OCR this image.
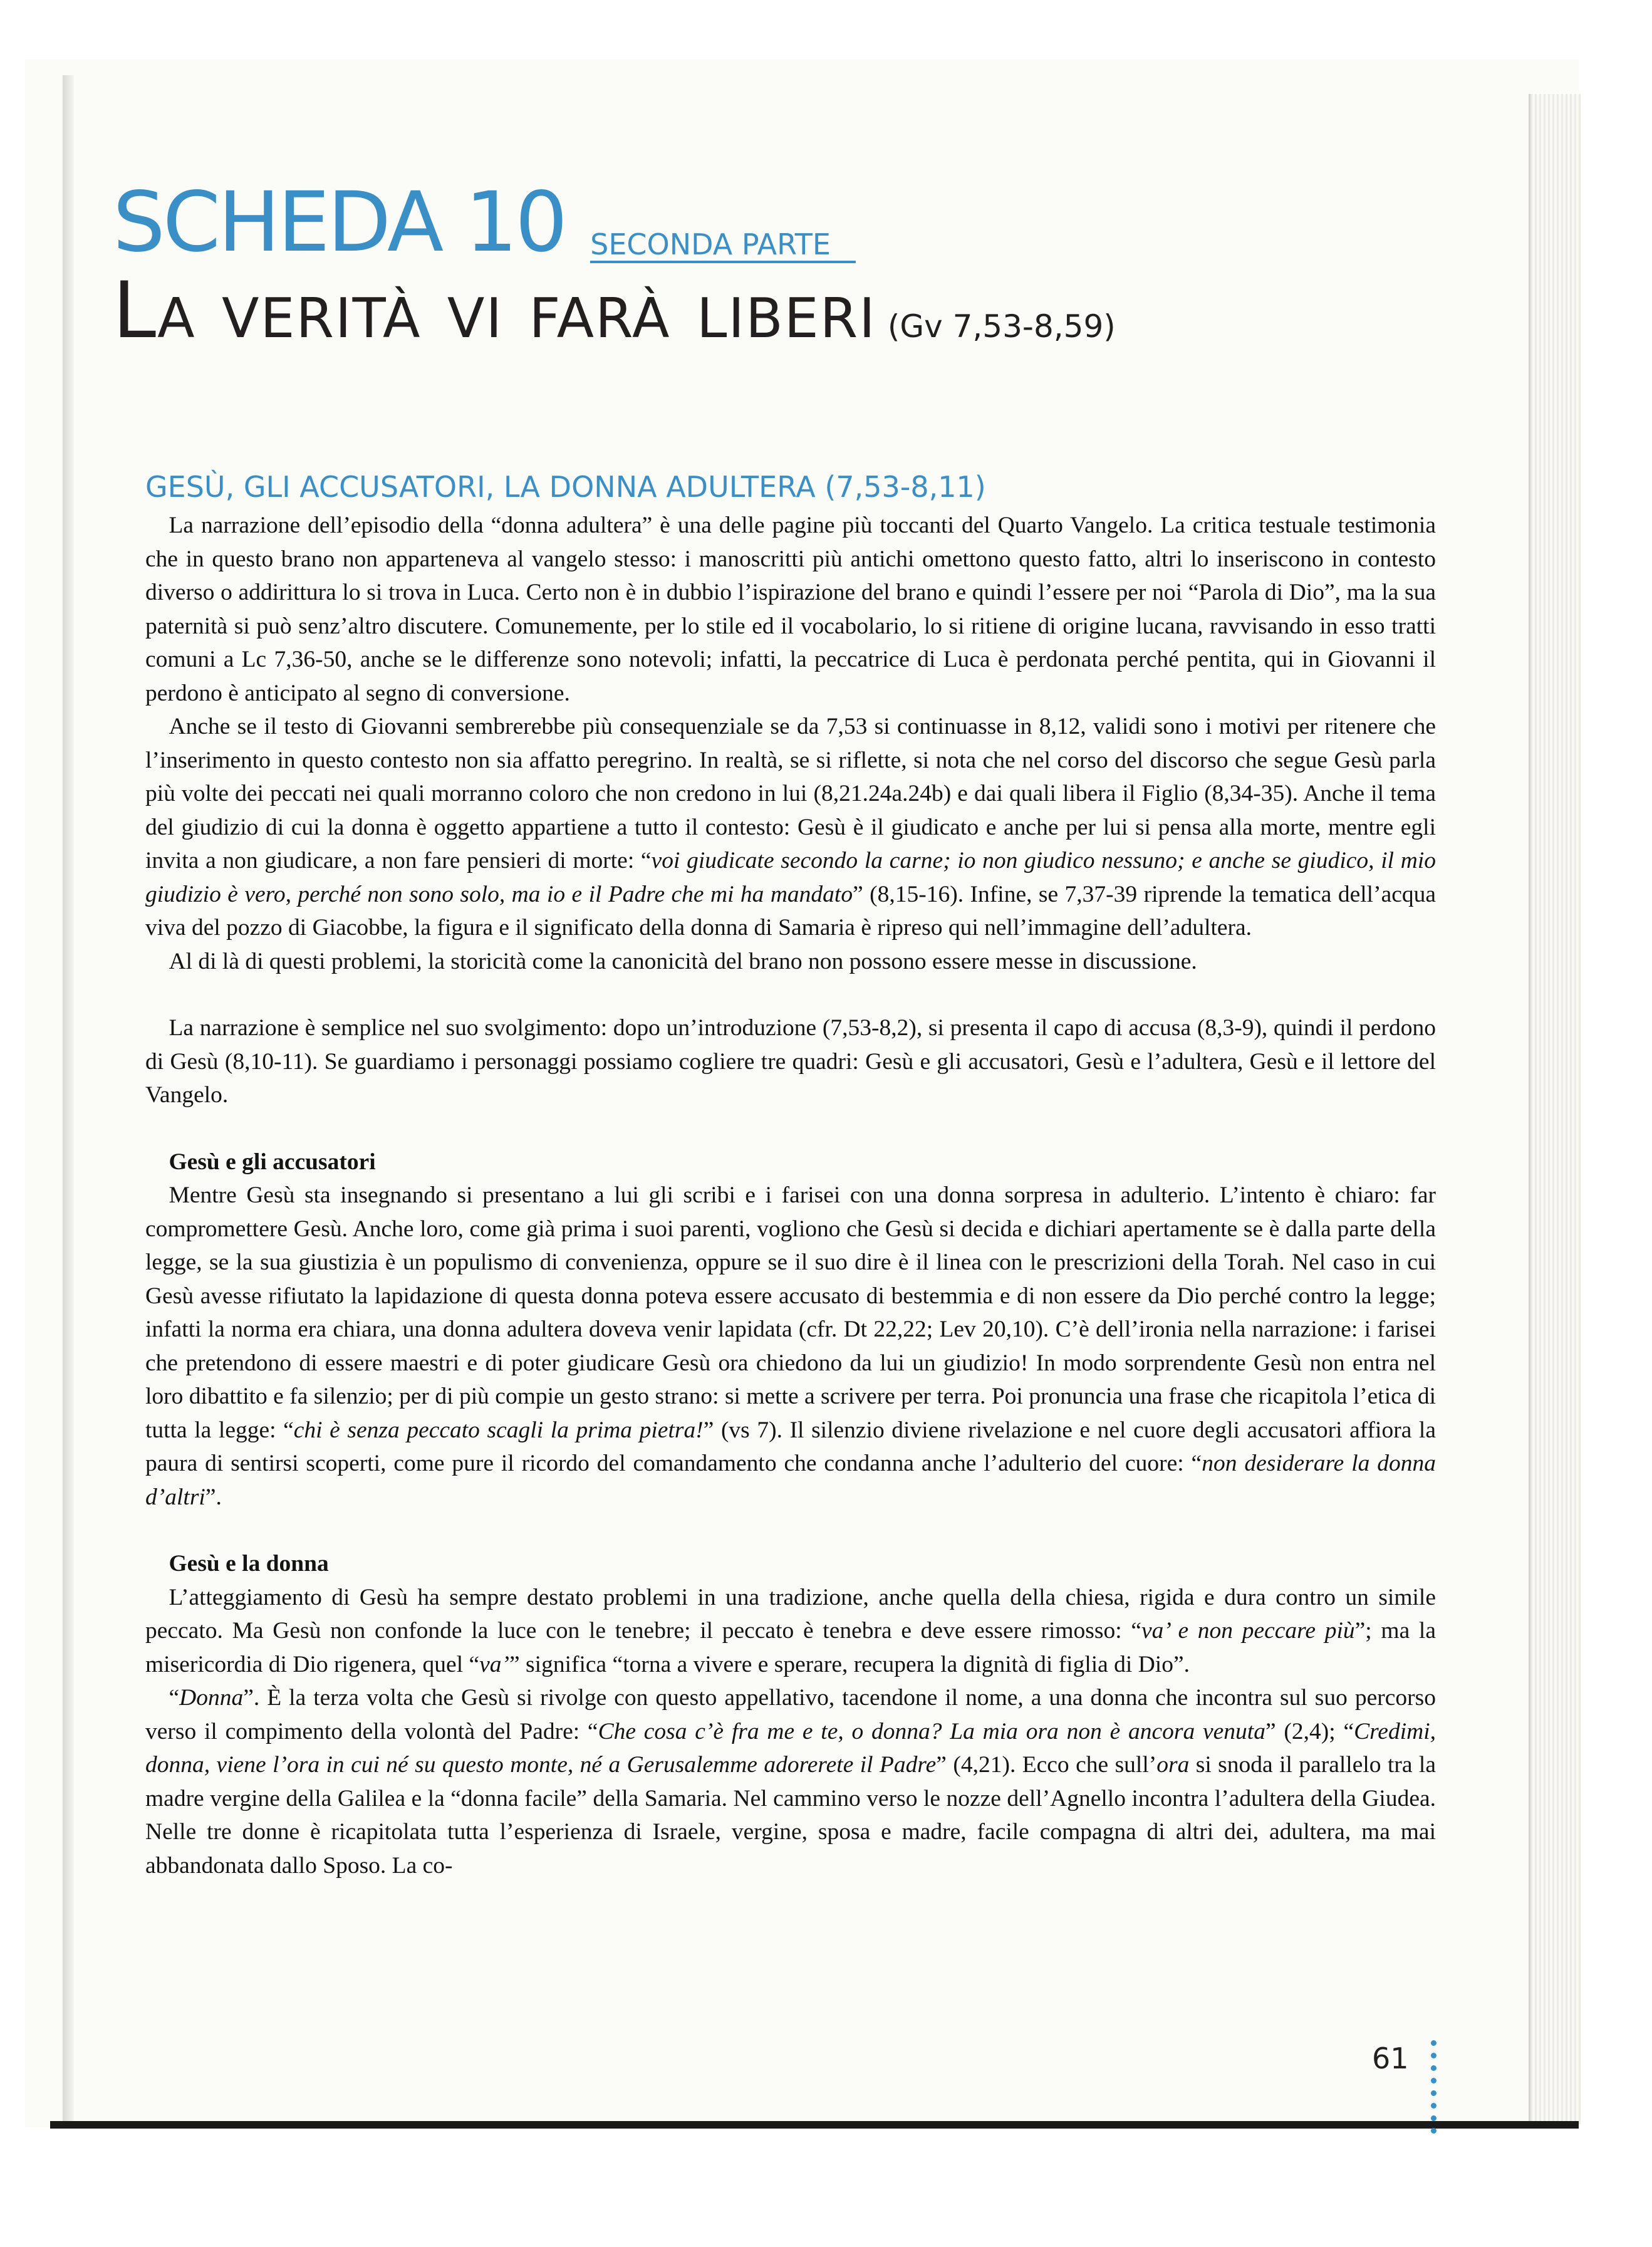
SCHEDA 10 SECONDA PARTE
La verità vi farà liberi (Gv 7,53-8,59)
GESÙ, GLI ACCUSATORI, LA DONNA ADULTERA (7,53-8,11)

 La narrazione dell’episodio della “donna adultera” è una delle pagine più toccanti del Quarto Vangelo. La critica testuale testimonia che in questo brano non apparteneva al vangelo stesso: i manoscritti più antichi omettono questo fatto, altri lo inseriscono in contesto diverso o addirittura lo si trova in Luca. Certo non è in dubbio l’ispirazione del brano e quindi l’essere per noi “Parola di Dio”, ma la sua paternità si può senz’altro discutere. Comunemente, per lo stile ed il vocabolario, lo si ritiene di origine lucana, ravvisando in esso tratti comuni a Lc 7,36-50, anche se le differenze sono notevoli; infatti, la peccatrice di Luca è perdonata perché pentita, qui in Giovanni il perdono è anticipato al segno di conversione.

 Anche se il testo di Giovanni sembrerebbe più consequenziale se da 7,53 si continuasse in 8,12, validi sono i motivi per ritenere che l’inserimento in questo contesto non sia affatto peregrino. In realtà, se si riflette, si nota che nel corso del discorso che segue Gesù parla più volte dei peccati nei quali morranno coloro che non credono in lui (8,21.24a.24b) e dai quali libera il Figlio (8,34-35). Anche il tema del giudizio di cui la donna è oggetto appartiene a tutto il contesto: Gesù è il giudicato e anche per lui si pensa alla morte, mentre egli invita a non giudicare, a non fare pensieri di morte: “voi giudicate secondo la carne; io non giudico nessuno; e anche se giudico, il mio giudizio è vero, perché non sono solo, ma io e il Padre che mi ha mandato” (8,15-16). Infine, se 7,37-39 riprende la tematica dell’acqua viva del pozzo di Giacobbe, la figura e il significato della donna di Samaria è ripreso qui nell’immagine dell’adultera.

 Al di là di questi problemi, la storicità come la canonicità del brano non possono essere messe in discussione.

 La narrazione è semplice nel suo svolgimento: dopo un’introduzione (7,53-8,2), si presenta il capo di accusa (8,3-9), quindi il perdono di Gesù (8,10-11). Se guardiamo i personaggi possiamo cogliere tre quadri: Gesù e gli accusatori, Gesù e l’adultera, Gesù e il lettore del Vangelo.

 Gesù e gli accusatori

 Mentre Gesù sta insegnando si presentano a lui gli scribi e i farisei con una donna sorpresa in adulterio. L’intento è chiaro: far compromettere Gesù. Anche loro, come già prima i suoi parenti, vogliono che Gesù si decida e dichiari apertamente se è dalla parte della legge, se la sua giustizia è un populismo di convenienza, oppure se il suo dire è il linea con le prescrizioni della Torah. Nel caso in cui Gesù avesse rifiutato la lapidazione di questa donna poteva essere accusato di bestemmia e di non essere da Dio perché contro la legge; infatti la norma era chiara, una donna adultera doveva venir lapidata (cfr. Dt 22,22; Lev 20,10). C’è dell’ironia nella narrazione: i farisei che pretendono di essere maestri e di poter giudicare Gesù ora chiedono da lui un giudizio! In modo sorprendente Gesù non entra nel loro dibattito e fa silenzio; per di più compie un gesto strano: si mette a scrivere per terra. Poi pronuncia una frase che ricapitola l’etica di tutta la legge: “chi è senza peccato scagli la prima pietra!” (vs 7). Il silenzio diviene rivelazione e nel cuore degli accusatori affiora la paura di sentirsi scoperti, come pure il ricordo del comandamento che condanna anche l’adulterio del cuore: “non desiderare la donna d’altri”.

 Gesù e la donna

 L’atteggiamento di Gesù ha sempre destato problemi in una tradizione, anche quella della chiesa, rigida e dura contro un simile peccato. Ma Gesù non confonde la luce con le tenebre; il peccato è tenebra e deve essere rimosso: “va’ e non peccare più”; ma la misericordia di Dio rigenera, quel “va’” significa “torna a vivere e sperare, recupera la dignità di figlia di Dio”.

 “Donna”. È la terza volta che Gesù si rivolge con questo appellativo, tacendone il nome, a una donna che incontra sul suo percorso verso il compimento della volontà del Padre: “Che cosa c’è fra me e te, o donna? La mia ora non è ancora venuta” (2,4); “Credimi, donna, viene l’ora in cui né su questo monte, né a Gerusalemme adorerete il Padre” (4,21). Ecco che sull’ora si snoda il parallelo tra la madre vergine della Galilea e la “donna facile” della Samaria. Nel cammino verso le nozze dell’Agnello incontra l’adultera della Giudea. Nelle tre donne è ricapitolata tutta l’esperienza di Israele, vergine, sposa e madre, facile compagna di altri dei, adultera, ma mai abbandonata dallo Sposo. La co-

61
